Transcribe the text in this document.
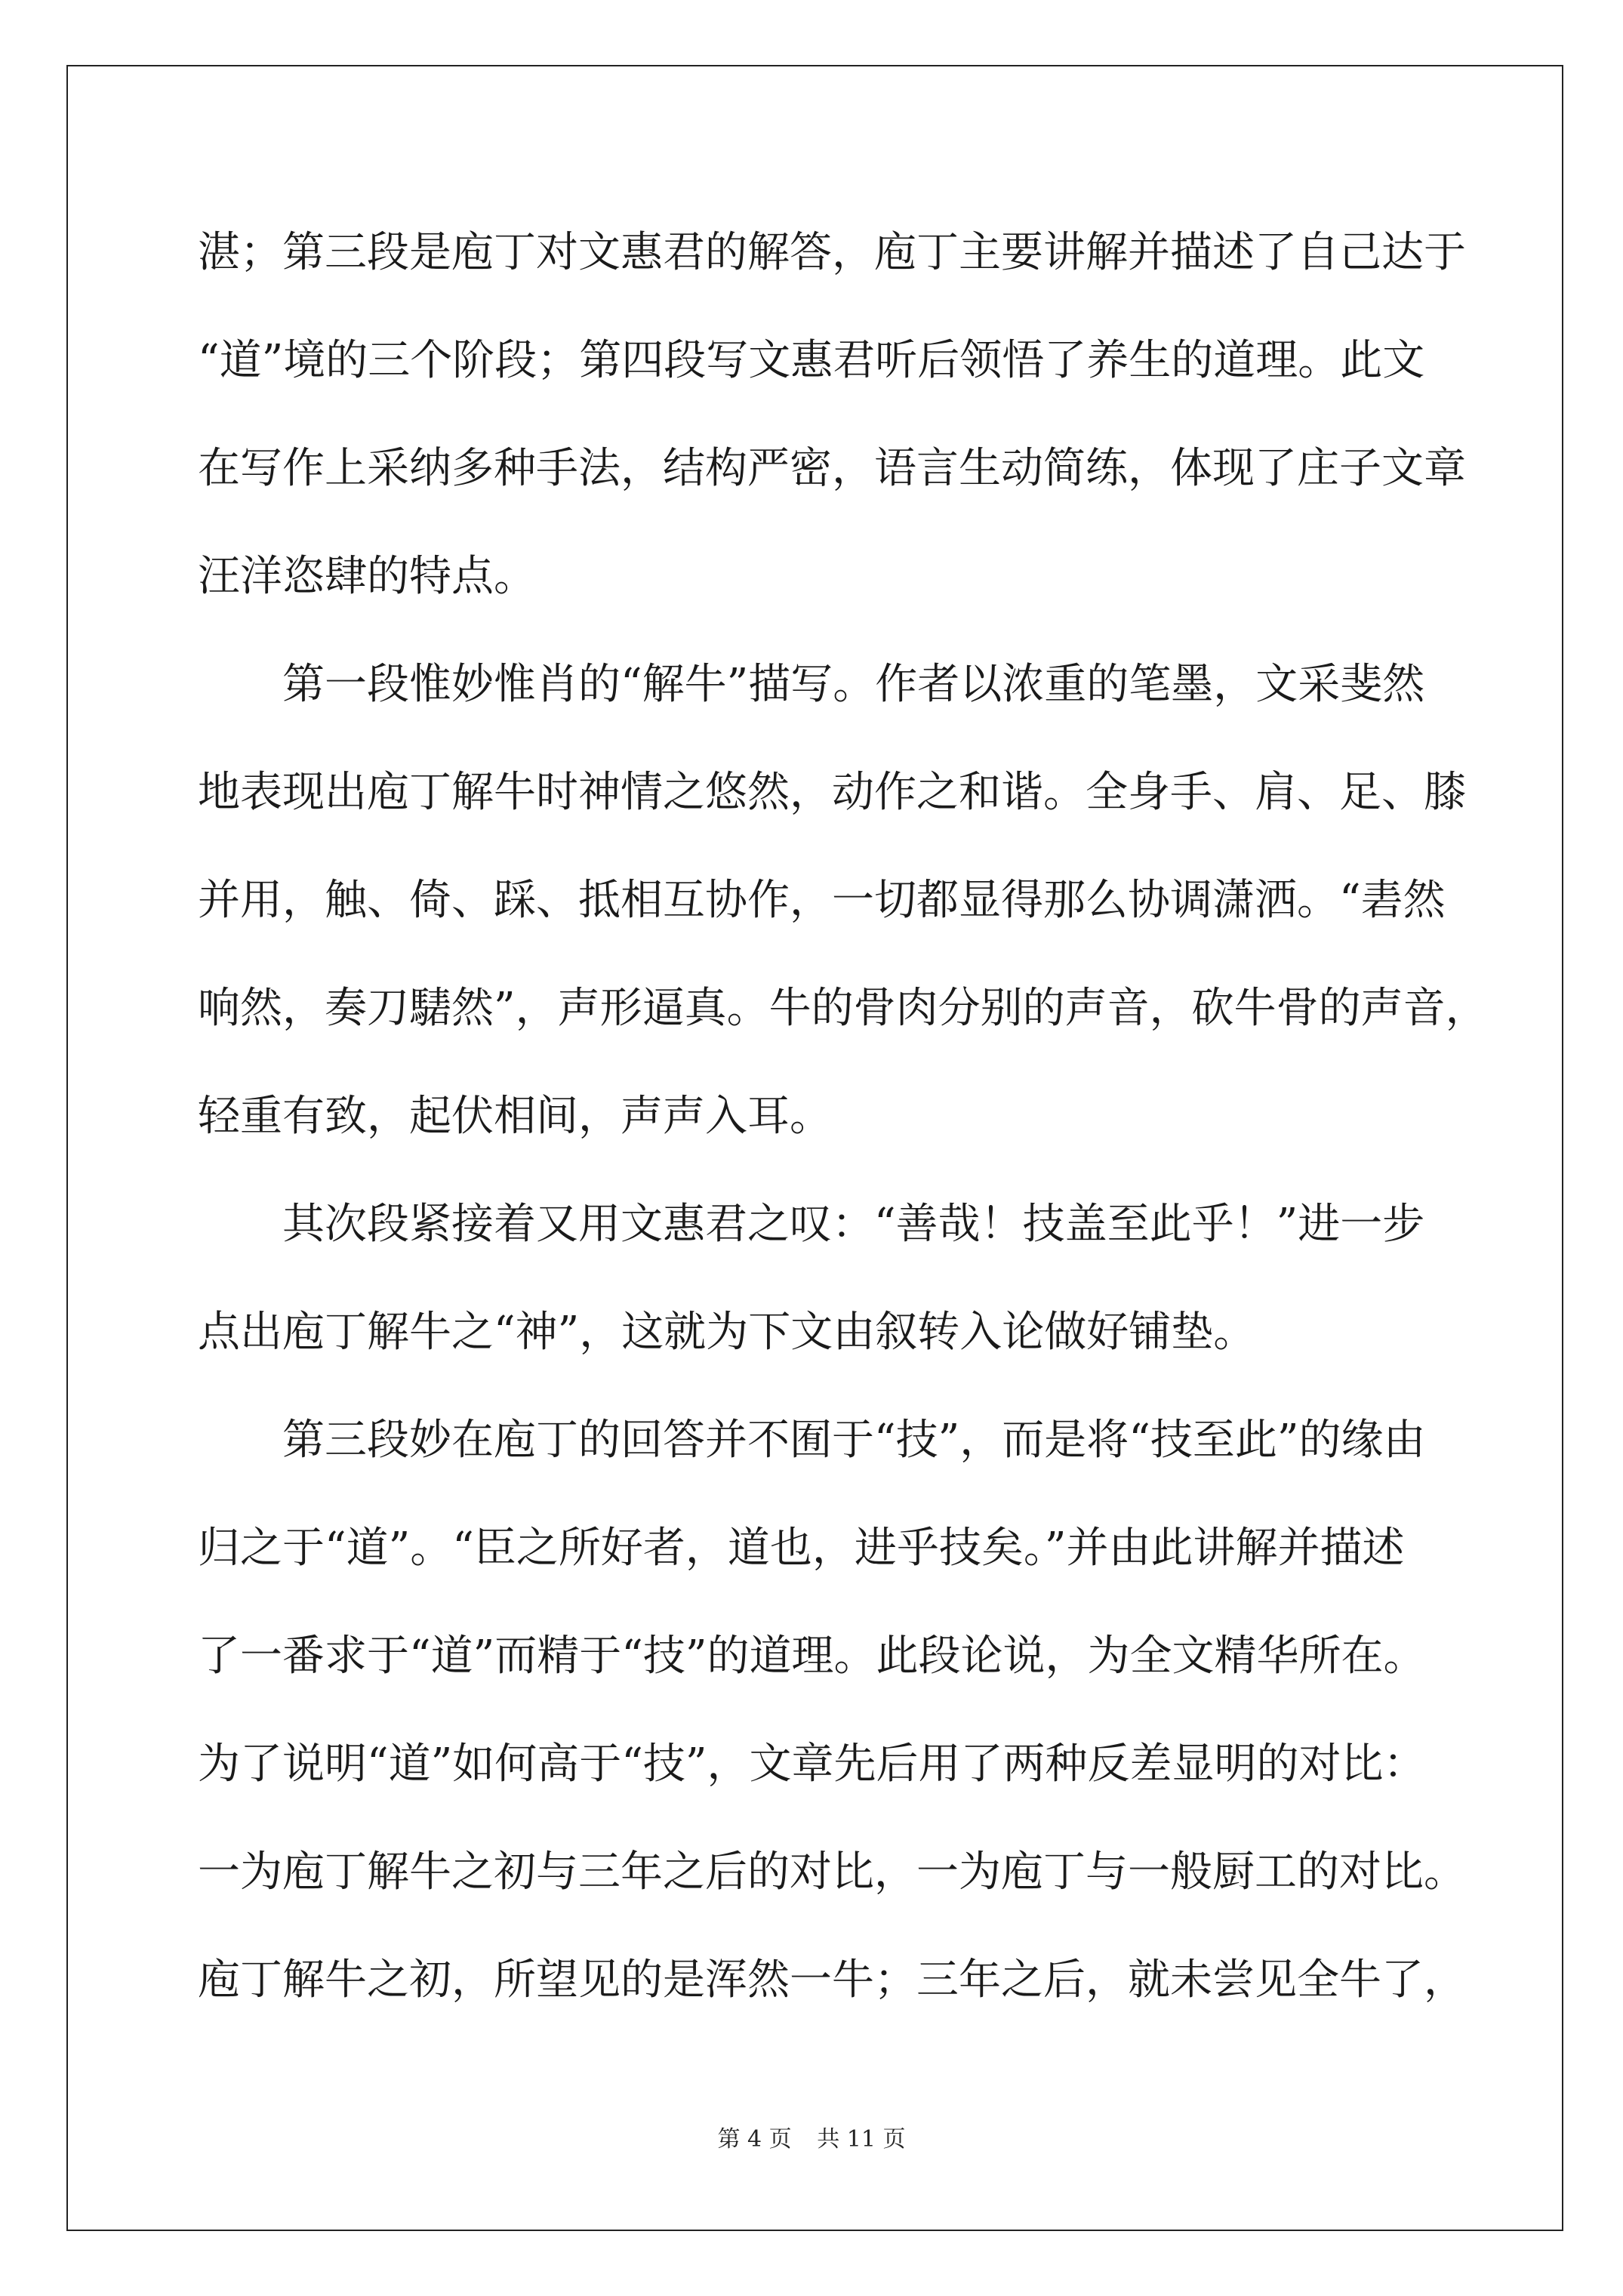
湛；第三段是庖丁对文惠君的解答，庖丁主要讲解并描述了自己达于
“道”境的三个阶段；第四段写文惠君听后领悟了养生的道理。此文
在写作上采纳多种手法，结构严密，语言生动简练，体现了庄子文章
汪洋恣肆的特点。
第一段惟妙惟肖的“解牛”描写。作者以浓重的笔墨，文采斐然
地表现出庖丁解牛时神情之悠然，动作之和谐。全身手、肩、足、膝
并用，触、倚、踩、抵相互协作，一切都显得那么协调潇洒。“砉然
响然，奏刀騞然”，声形逼真。牛的骨肉分别的声音，砍牛骨的声音，
轻重有致，起伏相间，声声入耳。
其次段紧接着又用文惠君之叹：“善哉！技盖至此乎！”进一步
点出庖丁解牛之“神”，这就为下文由叙转入论做好铺垫。
第三段妙在庖丁的回答并不囿于“技”，而是将“技至此”的缘由
归之于“道”。“臣之所好者，道也，进乎技矣。”并由此讲解并描述
了一番求于“道”而精于“技”的道理。此段论说，为全文精华所在。
为了说明“道”如何高于“技”，文章先后用了两种反差显明的对比：
一为庖丁解牛之初与三年之后的对比，一为庖丁与一般厨工的对比。
庖丁解牛之初，所望见的是浑然一牛；三年之后，就未尝见全牛了，
第 4 页 共 11 页
